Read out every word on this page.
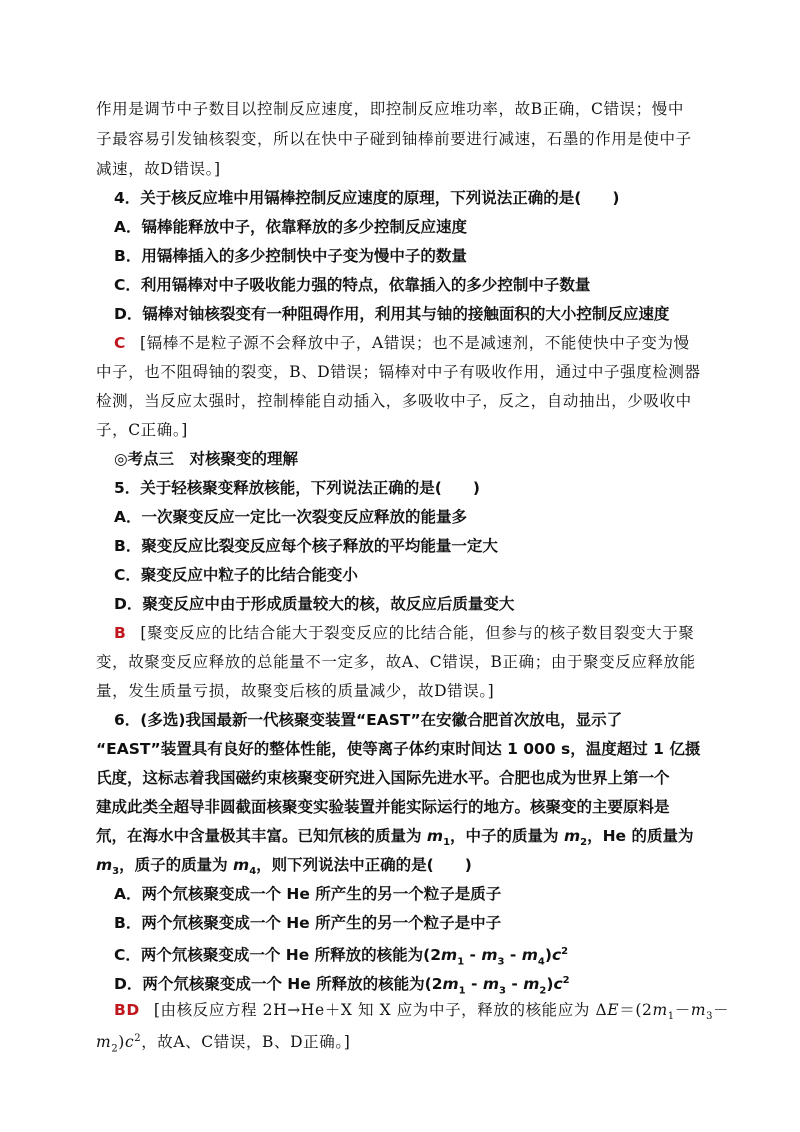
作用是调节中子数目以控制反应速度，即控制反应堆功率，故B正确，C错误；慢中
子最容易引发铀核裂变，所以在快中子碰到铀棒前要进行减速，石墨的作用是使中子
减速，故D错误。]
4．关于核反应堆中用镉棒控制反应速度的原理，下列说法正确的是(　　)
A．镉棒能释放中子，依靠释放的多少控制反应速度
B．用镉棒插入的多少控制快中子变为慢中子的数量
C．利用镉棒对中子吸收能力强的特点，依靠插入的多少控制中子数量
D．镉棒对铀核裂变有一种阻碍作用，利用其与铀的接触面积的大小控制反应速度
C [镉棒不是粒子源不会释放中子，A错误；也不是减速剂，不能使快中子变为慢
中子，也不阻碍铀的裂变，B、D错误；镉棒对中子有吸收作用，通过中子强度检测器
检测，当反应太强时，控制棒能自动插入，多吸收中子，反之，自动抽出，少吸收中
子，C正确。]
◎考点三　对核聚变的理解
5．关于轻核聚变释放核能，下列说法正确的是(　　)
A．一次聚变反应一定比一次裂变反应释放的能量多
B．聚变反应比裂变反应每个核子释放的平均能量一定大
C．聚变反应中粒子的比结合能变小
D．聚变反应中由于形成质量较大的核，故反应后质量变大
B [聚变反应的比结合能大于裂变反应的比结合能，但参与的核子数目裂变大于聚
变，故聚变反应释放的总能量不一定多，故A、C错误，B正确；由于聚变反应释放能
量，发生质量亏损，故聚变后核的质量减少，故D错误。]
6．(多选)我国最新一代核聚变装置“EAST”在安徽合肥首次放电，显示了
“EAST”装置具有良好的整体性能，使等离子体约束时间达 1 000 s，温度超过 1 亿摄
氏度，这标志着我国磁约束核聚变研究进入国际先进水平。合肥也成为世界上第一个
建成此类全超导非圆截面核聚变实验装置并能实际运行的地方。核聚变的主要原料是
氘，在海水中含量极其丰富。已知氘核的质量为 $m_1$，中子的质量为 $m_2$，He 的质量为
$m_3$，质子的质量为 $m_4$，则下列说法中正确的是(　　)
A．两个氘核聚变成一个 He 所产生的另一个粒子是质子
B．两个氘核聚变成一个 He 所产生的另一个粒子是中子
C．两个氘核聚变成一个 He 所释放的核能为$(2m_1 - m_3 - m_4)c^2$
D．两个氘核聚变成一个 He 所释放的核能为$(2m_1 - m_3 - m_2)c^2$
BD [由核反应方程 2H→He＋X 知 X 应为中子，释放的核能应为 $\Delta E=(2m_1-m_3-$
$m_2)c^2$，故A、C错误，B、D正确。]
